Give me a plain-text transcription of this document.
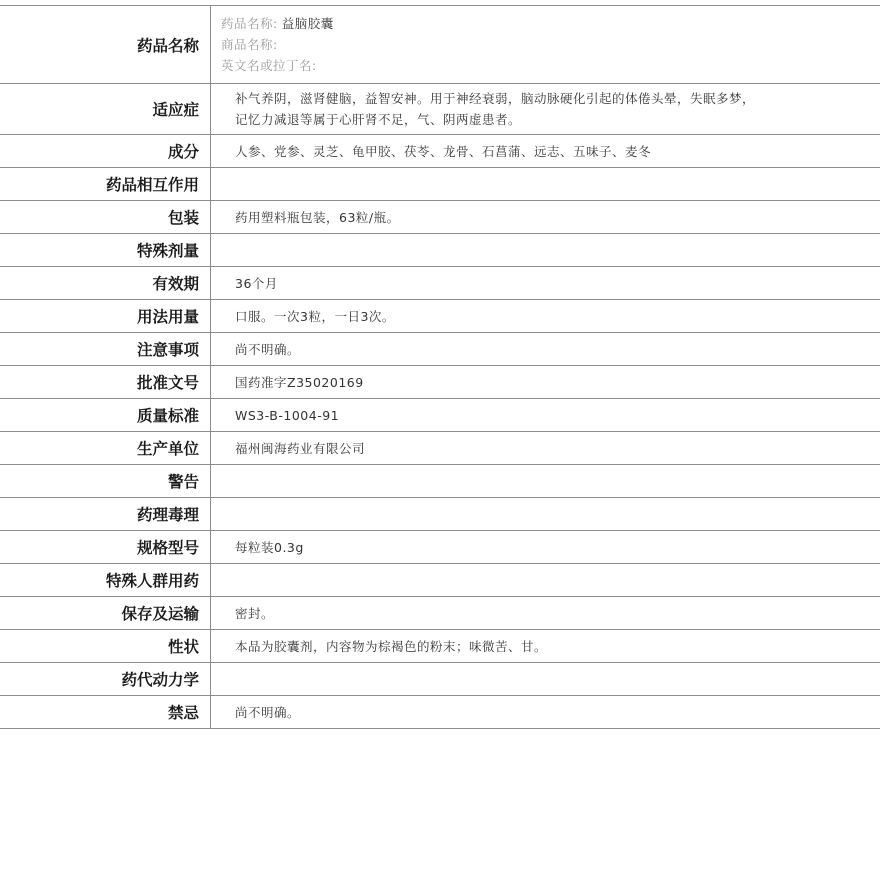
药品名称	药品名称: 益脑胶囊
商品名称:
英文名或拉丁名:

适应症	补气养阴，滋肾健脑，益智安神。用于神经衰弱，脑动脉硬化引起的体倦头晕，失眠多梦，
记忆力减退等属于心肝肾不足，气、阴两虚患者。

成分	人参、党参、灵芝、龟甲胶、茯苓、龙骨、石菖蒲、远志、五味子、麦冬
药品相互作用	
包装	药用塑料瓶包装，63粒/瓶。
特殊剂量	
有效期	36个月
用法用量	口服。一次3粒，一日3次。
注意事项	尚不明确。
批准文号	国药准字Z35020169
质量标准	WS3-B-1004-91
生产单位	福州闽海药业有限公司
警告	
药理毒理	
规格型号	每粒装0.3g
特殊人群用药	
保存及运输	密封。
性状	本品为胶囊剂，内容物为棕褐色的粉末；味微苦、甘。
药代动力学	
禁忌	尚不明确。
